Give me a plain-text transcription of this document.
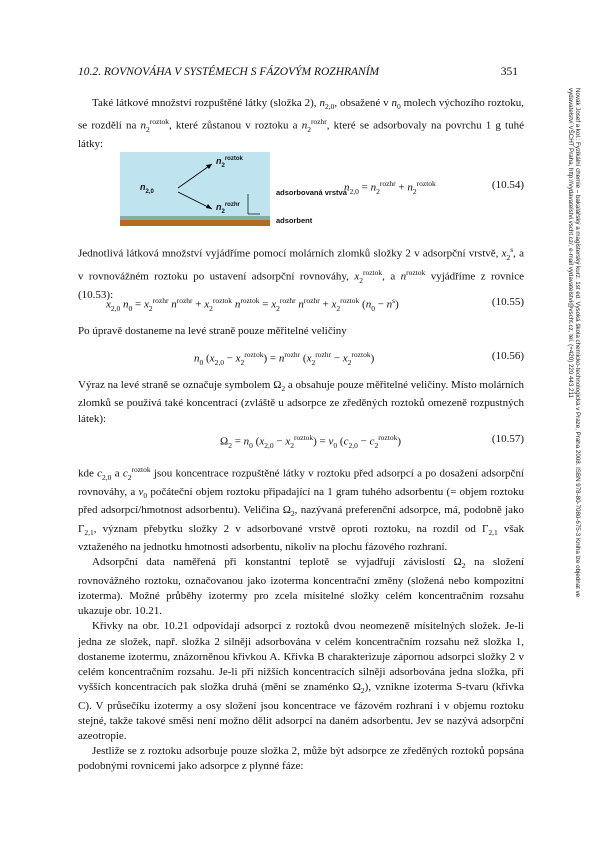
10.2. ROVNOVÁHA V SYSTÉMECH S FÁZOVÝM ROZHRANÍM	351
Novák Josef a kol.: Fyzikální chemie – bakalářský a magisterský kurz. 1st ed. Vysoká škola chemicko-technologická v Praze, Praha 2008. ISBN 978-80-7080-675-3 Kniha lze objednat ve vydavatelství VŠCHT Praha, http://vydavatelstvi.vscht.cz/, e-mail vydavatelstvi@vscht.cz, tel. (+420) 220 443 211

Také látkové množství rozpuštěné látky (složka 2), $n_{2,0}$, obsažené v $n_0$ molech výchozího roztoku, se rozdělí na $n_2^{roztok}$, které zůstanou v roztoku a $n_2^{rozhr}$, které se adsorbovaly na povrchu 1 g tuhé látky:

$n_{2,0}$
$n_2^{roztok}$
$n_2^{rozhr}$
adsorbovaná vrstva
adsorbent
$n_{2,0} = n_2^{rozhr} + n_2^{roztok}$	(10.54)

Jednotlivá látková množství vyjádříme pomocí molárních zlomků složky 2 v adsorpční vrstvě, $x_2^s$, a v rovnovážném roztoku po ustavení adsorpční rovnováhy, $x_2^{roztok}$, a $n^{roztok}$ vyjádříme z rovnice (10.53):

$x_{2,0}$ $n_0 = x_2^{rozhr}$ $n^{rozhr} + x_2^{roztok}$ $n^{roztok} = x_2^{rozhr}$ $n^{rozhr} + x_2^{roztok}$ $(n_0 - n^s)$	(10.55)

Po úpravě dostaneme na levé straně pouze měřitelné veličiny

$n_0$ $(x_{2,0} - x_2^{roztok}) = n^{rozhr}$ $(x_2^{rozhr} - x_2^{roztok})$	(10.56)

Výraz na levé straně se označuje symbolem $\Omega_2$ a obsahuje pouze měřitelné veličiny. Místo molárních zlomků se používá také koncentrací (zvláště u adsorpce ze zředěných roztoků omezeně rozpustných látek):

$\Omega_2 = n_0$ $(x_{2,0} - x_2^{roztok}) = v_0$ $(c_{2,0} - c_2^{roztok})$	(10.57)

kde $c_{2,0}$ a $c_2^{roztok}$ jsou koncentrace rozpuštěné látky v roztoku před adsorpcí a po dosažení adsorpční rovnováhy, a $v_0$ počáteční objem roztoku připadající na 1 gram tuhého adsorbentu (= objem roztoku před adsorpcí/hmotnost adsorbentu). Veličina $\Omega_2$, nazývaná preferenční adsorpce, má, podobně jako $\Gamma_{2,1}$, význam přebytku složky 2 v adsorbované vrstvě oproti roztoku, na rozdíl od $\Gamma_{2,1}$ však vztaženého na jednotku hmotnosti adsorbentu, nikoliv na plochu fázového rozhraní.

Adsorpční data naměřená při konstantní teplotě se vyjadřují závislostí $\Omega_2$ na složení rovnovážného roztoku, označovanou jako izoterma koncentrační změny (složená nebo kompozitní izoterma). Možné průběhy izotermy pro zcela mísitelné složky celém koncentračním rozsahu ukazuje obr. 10.21.

Křivky na obr. 10.21 odpovídají adsorpci z roztoků dvou neomezeně mísitelných složek. Je-li jedna ze složek, např. složka 2 silněji adsorbována v celém koncentračním rozsahu než složka 1, dostaneme izotermu, znázorněnou křivkou A. Křivka B charakterizuje zápornou adsorpci složky 2 v celém koncentračním rozsahu. Je-li při nižších koncentracích silněji adsorbována jedna složka, při vyšších koncentracích pak složka druhá (mění se znaménko $\Omega_2$), vznikne izoterma S-tvaru (křivka C). V průsečíku izotermy a osy složení jsou koncentrace ve fázovém rozhraní i v objemu roztoku stejné, takže takové směsi není možno dělit adsorpcí na daném adsorbentu. Jev se nazývá adsorpční azeotropie.

Jestliže se z roztoku adsorbuje pouze složka 2, může být adsorpce ze zředěných roztoků popsána podobnými rovnicemi jako adsorpce z plynné fáze:
